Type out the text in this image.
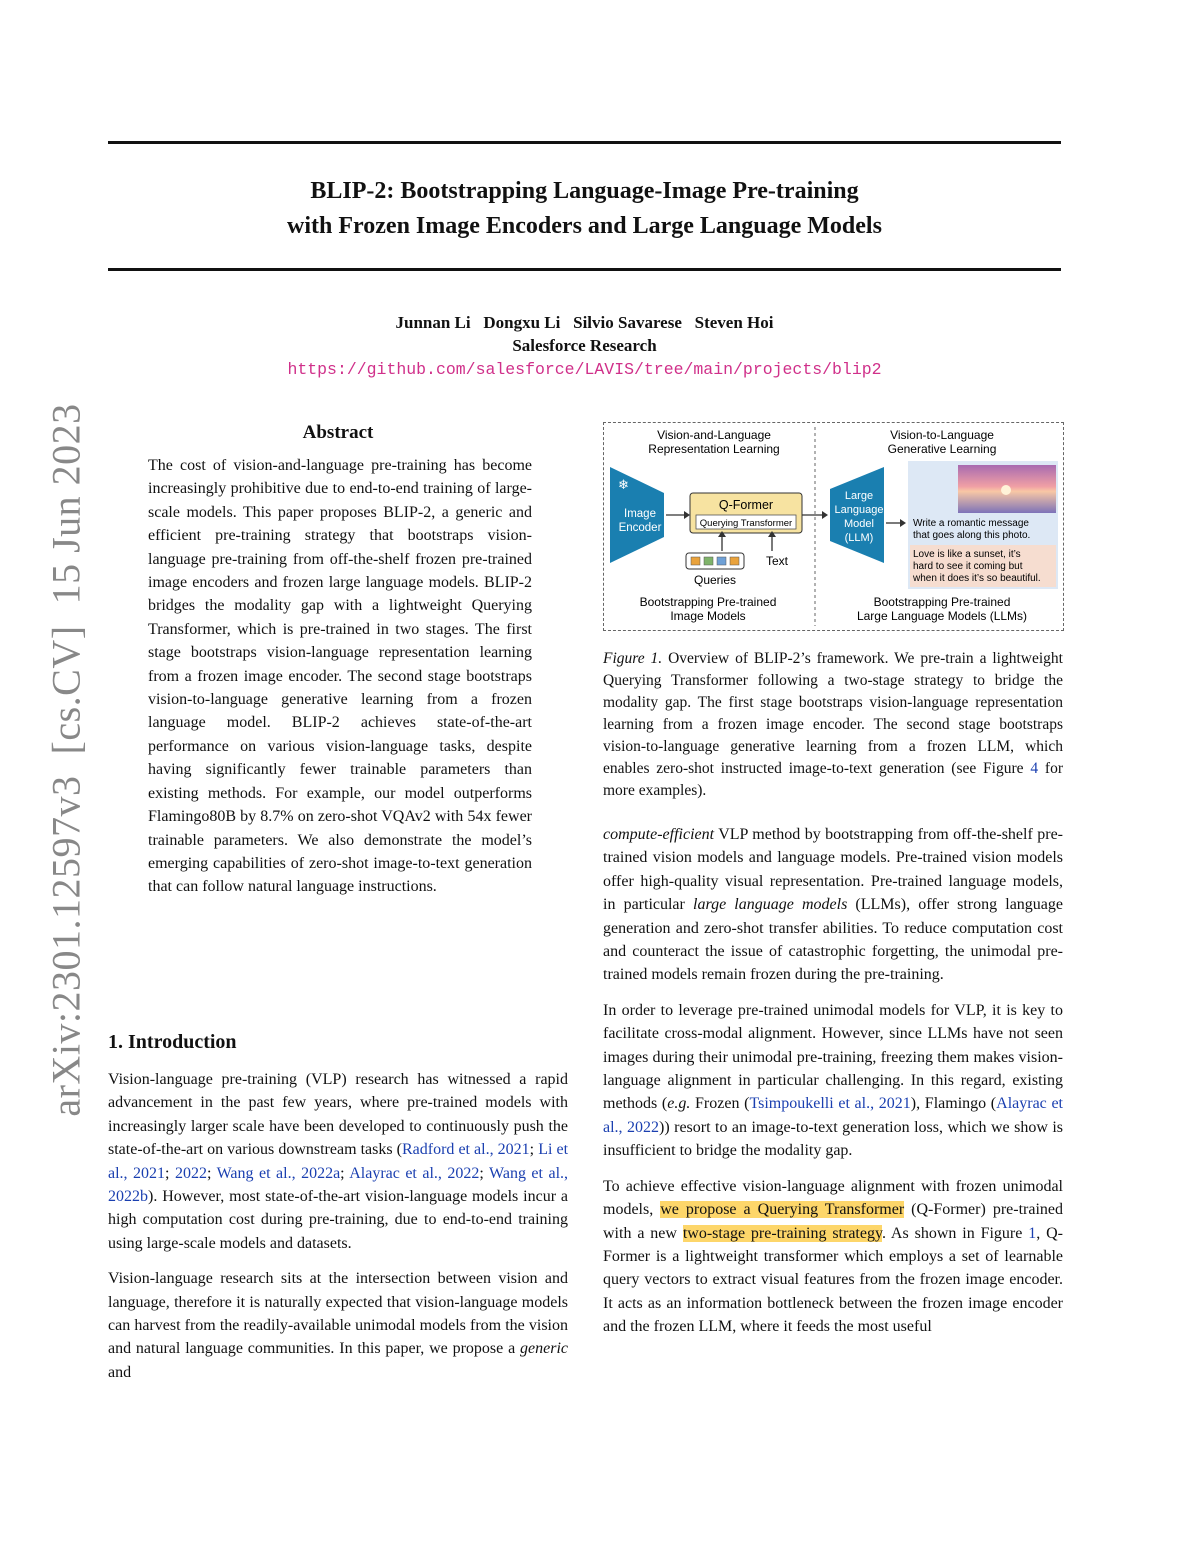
BLIP-2: Bootstrapping Language-Image Pre-training
with Frozen Image Encoders and Large Language Models
Junnan Li   Dongxu Li   Silvio Savarese   Steven Hoi
Salesforce Research
https://github.com/salesforce/LAVIS/tree/main/projects/blip2
arXiv:2301.12597v3  [cs.CV]  15 Jun 2023	Abstract

The cost of vision-and-language pre-training has become increasingly prohibitive due to end-to-end training of large-scale models. This paper proposes BLIP-2, a generic and efficient pre-training strategy that bootstraps vision-language pre-training from off-the-shelf frozen pre-trained image encoders and frozen large language models. BLIP-2 bridges the modality gap with a lightweight Querying Transformer, which is pre-trained in two stages. The first stage bootstraps vision-language representation learning from a frozen image encoder. The second stage bootstraps vision-to-language generative learning from a frozen language model. BLIP-2 achieves state-of-the-art performance on various vision-language tasks, despite having significantly fewer trainable parameters than existing methods. For example, our model outperforms Flamingo80B by 8.7% on zero-shot VQAv2 with 54x fewer trainable parameters. We also demonstrate the model’s emerging capabilities of zero-shot image-to-text generation that can follow natural language instructions.

1. Introduction

Vision-language pre-training (VLP) research has witnessed a rapid advancement in the past few years, where pre-trained models with increasingly larger scale have been developed to continuously push the state-of-the-art on various downstream tasks (Radford et al., 2021; Li et al., 2021; 2022; Wang et al., 2022a; Alayrac et al., 2022; Wang et al., 2022b). However, most state-of-the-art vision-language models incur a high computation cost during pre-training, due to end-to-end training using large-scale models and datasets.

Vision-language research sits at the intersection between vision and language, therefore it is naturally expected that vision-language models can harvest from the readily-available unimodal models from the vision and natural language communities. In this paper, we propose a generic and

Vision-and-Language
Representation Learning
Vision-to-Language
Generative Learning
❄
Image
Encoder
Q-Former
Querying Transformer
Queries
Text
Bootstrapping Pre-trained
Image Models
❄
Large
Language
Model
(LLM)
Write a romantic message
that goes along this photo.
Love is like a sunset, it’s
hard to see it coming but
when it does it’s so beautiful.
Bootstrapping Pre-trained
Large Language Models (LLMs)
Figure 1. Overview of BLIP-2’s framework. We pre-train a lightweight Querying Transformer following a two-stage strategy to bridge the modality gap. The first stage bootstraps vision-language representation learning from a frozen image encoder. The second stage bootstraps vision-to-language generative learning from a frozen LLM, which enables zero-shot instructed image-to-text generation (see Figure 4 for more examples).

compute-efficient VLP method by bootstrapping from off-the-shelf pre-trained vision models and language models. Pre-trained vision models offer high-quality visual representation. Pre-trained language models, in particular large language models (LLMs), offer strong language generation and zero-shot transfer abilities. To reduce computation cost and counteract the issue of catastrophic forgetting, the unimodal pre-trained models remain frozen during the pre-training.

In order to leverage pre-trained unimodal models for VLP, it is key to facilitate cross-modal alignment. However, since LLMs have not seen images during their unimodal pre-training, freezing them makes vision-language alignment in particular challenging. In this regard, existing methods (e.g. Frozen (Tsimpoukelli et al., 2021), Flamingo (Alayrac et al., 2022)) resort to an image-to-text generation loss, which we show is insufficient to bridge the modality gap.

To achieve effective vision-language alignment with frozen unimodal models, we propose a Querying Transformer (Q-Former) pre-trained with a new two-stage pre-training strategy. As shown in Figure 1, Q-Former is a lightweight transformer which employs a set of learnable query vectors to extract visual features from the frozen image encoder. It acts as an information bottleneck between the frozen image encoder and the frozen LLM, where it feeds the most useful
